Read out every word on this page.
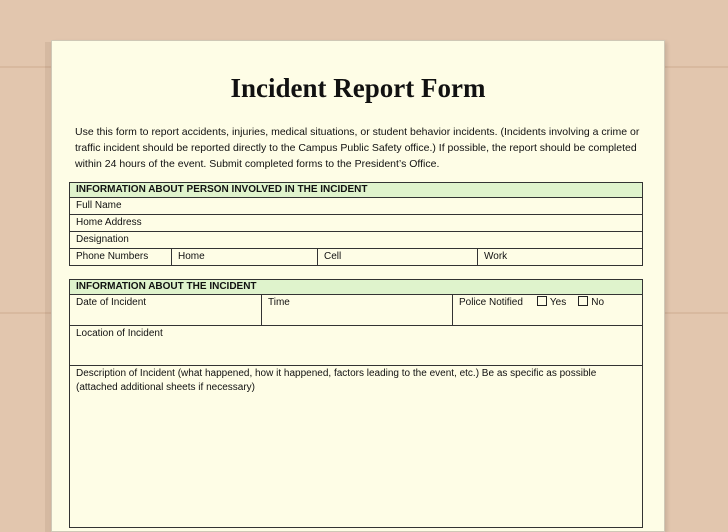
Incident Report Form
Use this form to report accidents, injuries, medical situations, or student behavior incidents. (Incidents involving a crime or traffic incident should be reported directly to the Campus Public Safety office.) If possible, the report should be completed within 24 hours of the event. Submit completed forms to the President’s Office.
INFORMATION ABOUT PERSON INVOLVED IN THE INCIDENT
Full Name
Home Address
Designation
Phone Numbers	Home	Cell	Work
INFORMATION ABOUT THE INCIDENT
Date of Incident	Time	Police Notified	Yes	No
Location of Incident

Description of Incident (what happened, how it happened, factors leading to the event, etc.) Be as specific as possible
(attached additional sheets if necessary)
